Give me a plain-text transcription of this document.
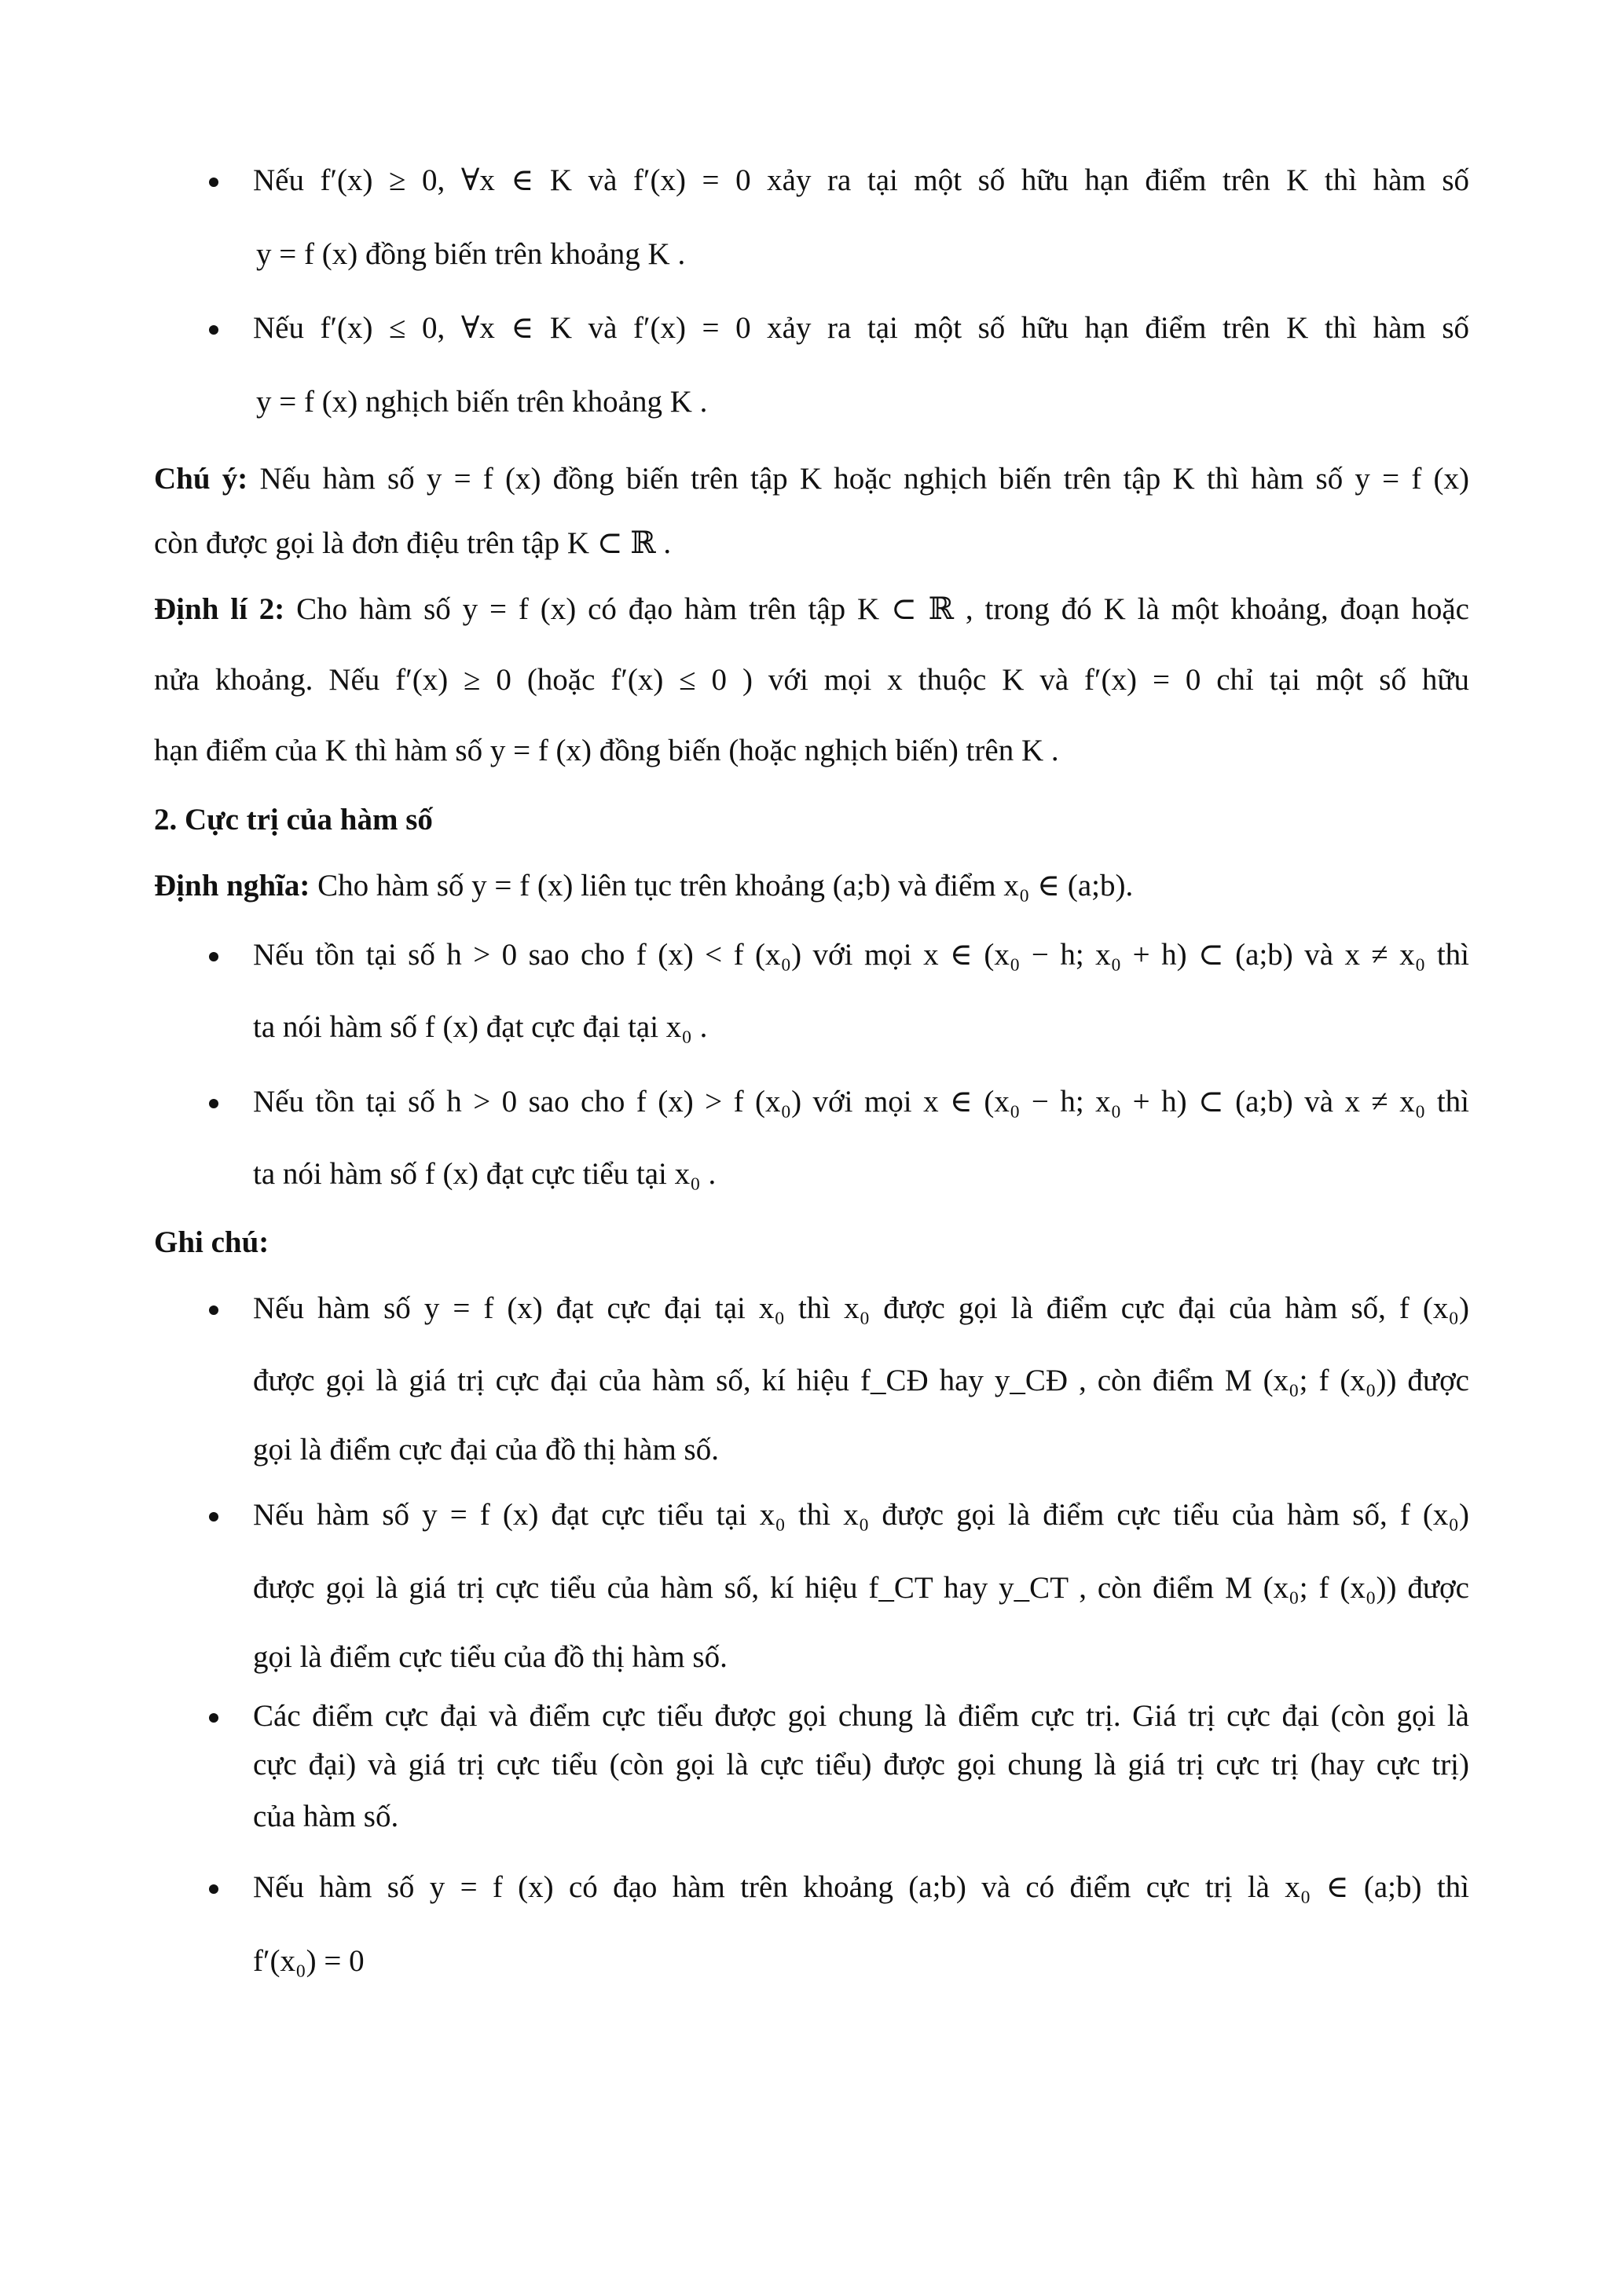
Nếu f′(x) ≥ 0, ∀x ∈ K và f′(x) = 0 xảy ra tại một số hữu hạn điểm trên K thì hàm số
y = f (x) đồng biến trên khoảng K .
Nếu f′(x) ≤ 0, ∀x ∈ K và f′(x) = 0 xảy ra tại một số hữu hạn điểm trên K thì hàm số
y = f (x) nghịch biến trên khoảng K .
Chú ý: Nếu hàm số y = f (x) đồng biến trên tập K hoặc nghịch biến trên tập K thì hàm số y = f (x)
còn được gọi là đơn điệu trên tập K ⊂ ℝ .
Định lí 2: Cho hàm số y = f (x) có đạo hàm trên tập K ⊂ ℝ , trong đó K là một khoảng, đoạn hoặc
nửa khoảng. Nếu f′(x) ≥ 0 (hoặc f′(x) ≤ 0 ) với mọi x thuộc K và f′(x) = 0 chỉ tại một số hữu
hạn điểm của K thì hàm số y = f (x) đồng biến (hoặc nghịch biến) trên K .
2. Cực trị của hàm số
Định nghĩa: Cho hàm số y = f (x) liên tục trên khoảng (a;b) và điểm x₀ ∈ (a;b).
Nếu tồn tại số h > 0 sao cho f (x) < f (x₀) với mọi x ∈ (x₀ − h; x₀ + h) ⊂ (a;b) và x ≠ x₀ thì
ta nói hàm số f (x) đạt cực đại tại x₀ .
Nếu tồn tại số h > 0 sao cho f (x) > f (x₀) với mọi x ∈ (x₀ − h; x₀ + h) ⊂ (a;b) và x ≠ x₀ thì
ta nói hàm số f (x) đạt cực tiểu tại x₀ .
Ghi chú:
Nếu hàm số y = f (x) đạt cực đại tại x₀ thì x₀ được gọi là điểm cực đại của hàm số, f (x₀)
được gọi là giá trị cực đại của hàm số, kí hiệu f_CĐ hay y_CĐ , còn điểm M (x₀; f (x₀)) được
gọi là điểm cực đại của đồ thị hàm số.
Nếu hàm số y = f (x) đạt cực tiểu tại x₀ thì x₀ được gọi là điểm cực tiểu của hàm số, f (x₀)
được gọi là giá trị cực tiểu của hàm số, kí hiệu f_CT hay y_CT , còn điểm M (x₀; f (x₀)) được
gọi là điểm cực tiểu của đồ thị hàm số.
Các điểm cực đại và điểm cực tiểu được gọi chung là điểm cực trị. Giá trị cực đại (còn gọi là
cực đại) và giá trị cực tiểu (còn gọi là cực tiểu) được gọi chung là giá trị cực trị (hay cực trị)
của hàm số.
Nếu hàm số y = f (x) có đạo hàm trên khoảng (a;b) và có điểm cực trị là x₀ ∈ (a;b) thì
f′(x₀) = 0
